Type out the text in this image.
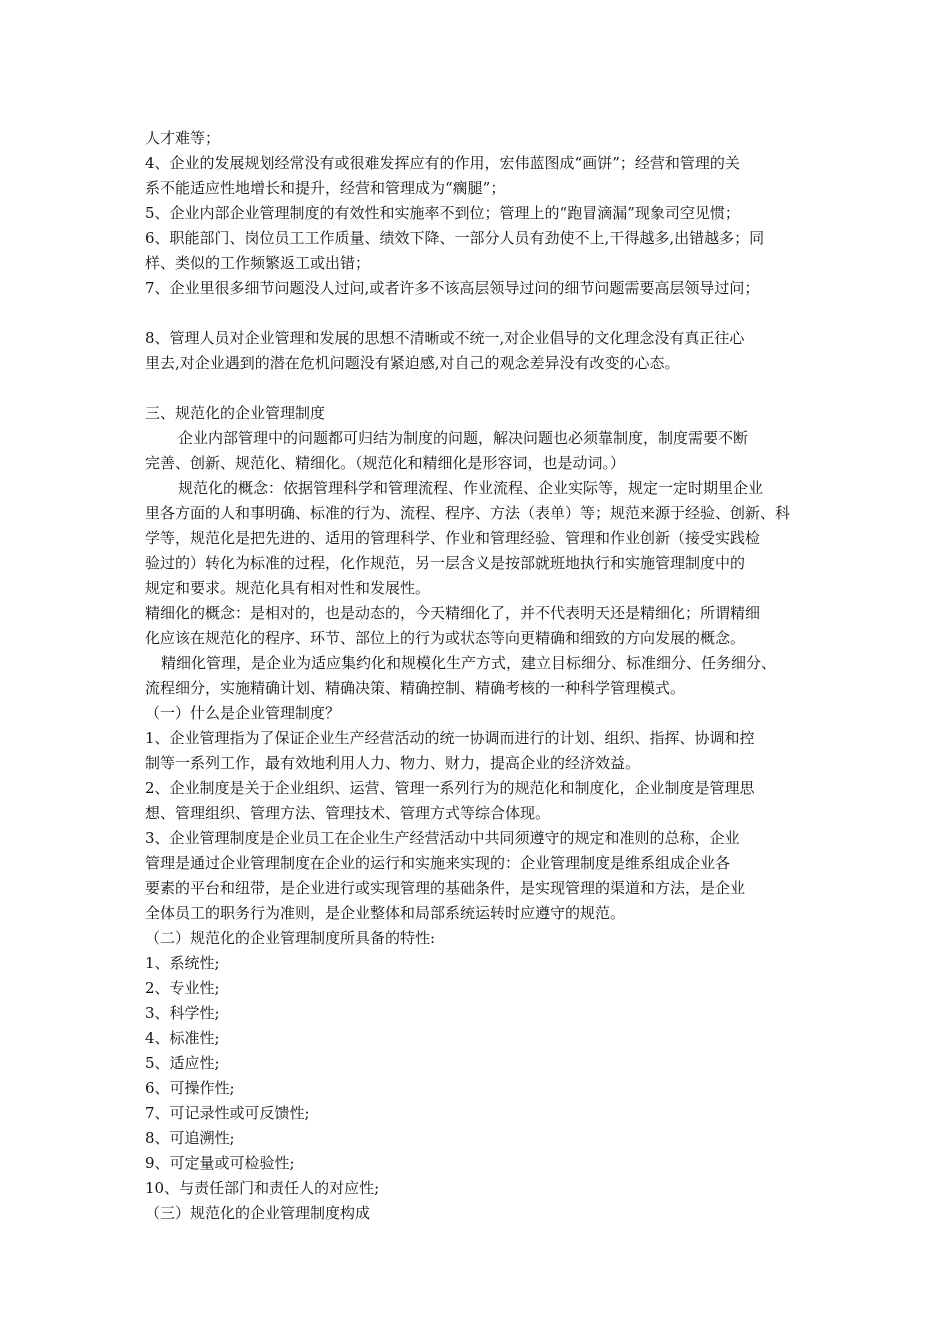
人才难等；
4、企业的发展规划经常没有或很难发挥应有的作用，宏伟蓝图成“画饼”；经营和管理的关
系不能适应性地增长和提升，经营和管理成为“瘸腿”；
5、企业内部企业管理制度的有效性和实施率不到位；管理上的“跑冒滴漏”现象司空见惯；
6、职能部门、岗位员工工作质量、绩效下降、一部分人员有劲使不上,干得越多,出错越多；同
样、类似的工作频繁返工或出错；
7、企业里很多细节问题没人过问,或者许多不该高层领导过问的细节问题需要高层领导过问；
8、管理人员对企业管理和发展的思想不清晰或不统一,对企业倡导的文化理念没有真正往心
里去,对企业遇到的潜在危机问题没有紧迫感,对自己的观念差异没有改变的心态。
三、规范化的企业管理制度
企业内部管理中的问题都可归结为制度的问题，解决问题也必须靠制度，制度需要不断
完善、创新、规范化、精细化。（规范化和精细化是形容词，也是动词。）
规范化的概念：依据管理科学和管理流程、作业流程、企业实际等，规定一定时期里企业
里各方面的人和事明确、标准的行为、流程、程序、方法（表单）等；规范来源于经验、创新、科
学等，规范化是把先进的、适用的管理科学、作业和管理经验、管理和作业创新（接受实践检
验过的）转化为标准的过程，化作规范，另一层含义是按部就班地执行和实施管理制度中的
规定和要求。规范化具有相对性和发展性。
精细化的概念：是相对的，也是动态的，今天精细化了，并不代表明天还是精细化；所谓精细
化应该在规范化的程序、环节、部位上的行为或状态等向更精确和细致的方向发展的概念。
精细化管理，是企业为适应集约化和规模化生产方式，建立目标细分、标准细分、任务细分、
流程细分，实施精确计划、精确决策、精确控制、精确考核的一种科学管理模式。
（一）什么是企业管理制度？
1、企业管理指为了保证企业生产经营活动的统一协调而进行的计划、组织、指挥、协调和控
制等一系列工作，最有效地利用人力、物力、财力，提高企业的经济效益。
2、企业制度是关于企业组织、运营、管理一系列行为的规范化和制度化，企业制度是管理思
想、管理组织、管理方法、管理技术、管理方式等综合体现。
3、企业管理制度是企业员工在企业生产经营活动中共同须遵守的规定和准则的总称，企业
管理是通过企业管理制度在企业的运行和实施来实现的：企业管理制度是维系组成企业各
要素的平台和纽带，是企业进行或实现管理的基础条件，是实现管理的渠道和方法，是企业
全体员工的职务行为准则，是企业整体和局部系统运转时应遵守的规范。
（二）规范化的企业管理制度所具备的特性:
1、系统性;
2、专业性;
3、科学性;
4、标准性;
5、适应性;
6、可操作性;
7、可记录性或可反馈性;
8、可追溯性;
9、可定量或可检验性;
10、与责任部门和责任人的对应性;
（三）规范化的企业管理制度构成
